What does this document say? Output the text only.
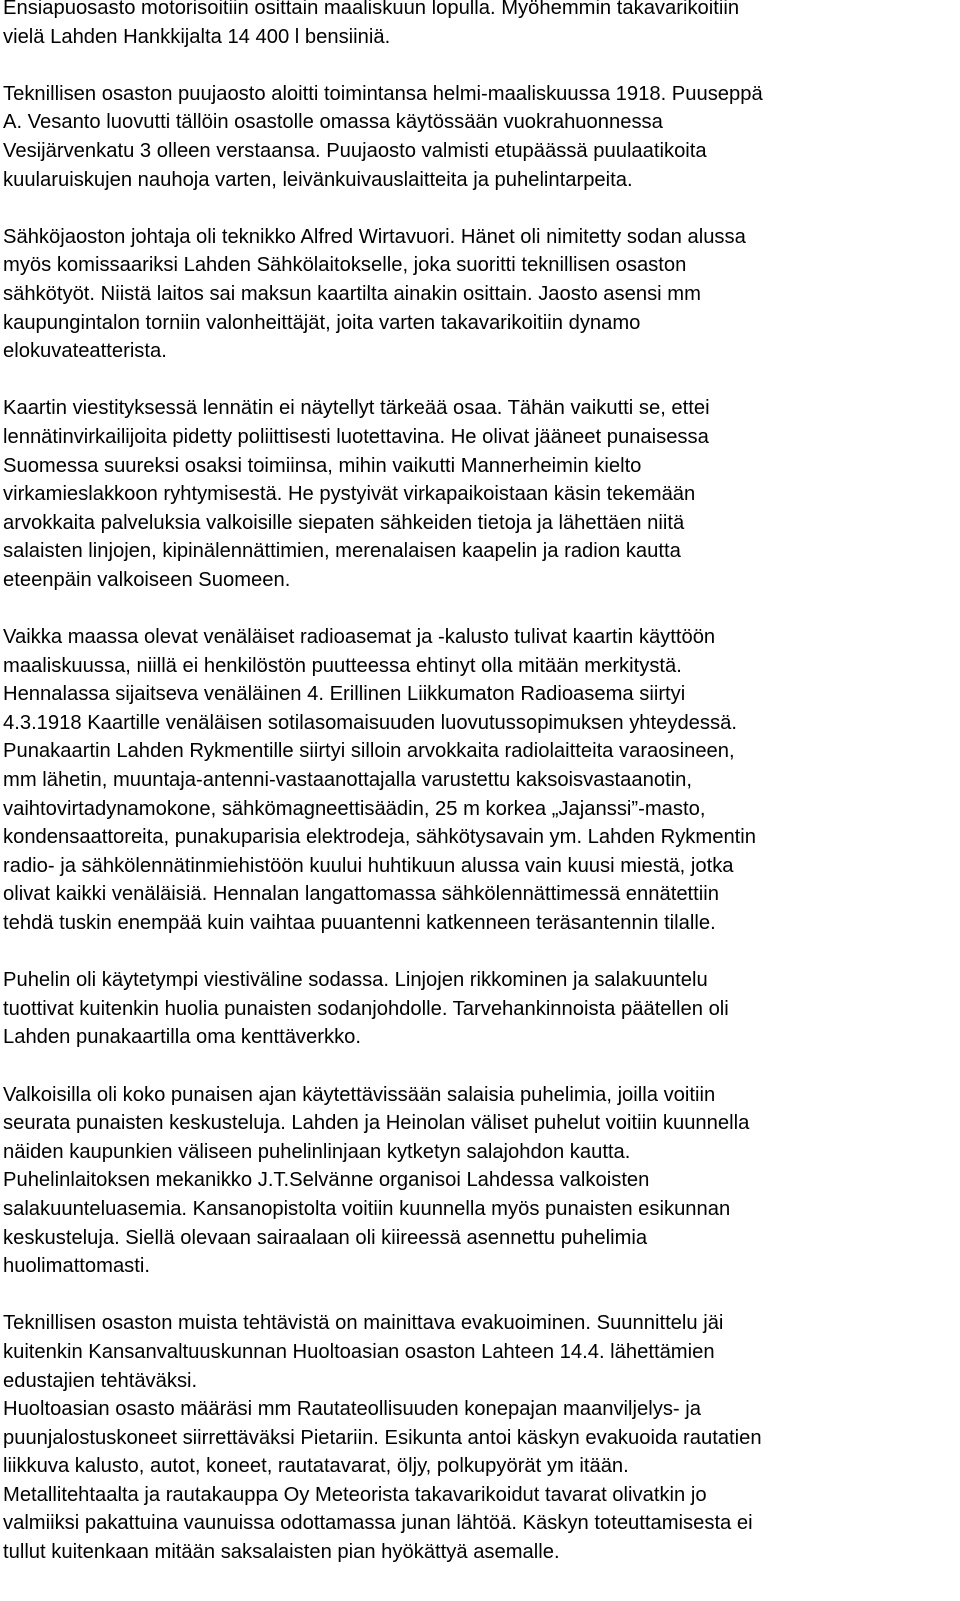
Ensiapuosasto motorisoitiin osittain maaliskuun lopulla. Myöhemmin takavarikoitiin
vielä Lahden Hankkijalta 14 400 l bensiiniä.
Teknillisen osaston puujaosto aloitti toimintansa helmi-maaliskuussa 1918. Puuseppä
A. Vesanto luovutti tällöin osastolle omassa käytössään vuokrahuonnessa
Vesijärvenkatu 3 olleen verstaansa. Puujaosto valmisti etupäässä puulaatikoita
kuularuiskujen nauhoja varten, leivänkuivauslaitteita ja puhelintarpeita.
Sähköjaoston johtaja oli teknikko Alfred Wirtavuori. Hänet oli nimitetty sodan alussa
myös komissaariksi Lahden Sähkölaitokselle, joka suoritti teknillisen osaston
sähkötyöt. Niistä laitos sai maksun kaartilta ainakin osittain. Jaosto asensi mm
kaupungintalon torniin valonheittäjät, joita varten takavarikoitiin dynamo
elokuvateatterista.
Kaartin viestityksessä lennätin ei näytellyt tärkeää osaa. Tähän vaikutti se, ettei
lennätinvirkailijoita pidetty poliittisesti luotettavina. He olivat jääneet punaisessa
Suomessa suureksi osaksi toimiinsa, mihin vaikutti Mannerheimin kielto
virkamieslakkoon ryhtymisestä. He pystyivät virkapaikoistaan käsin tekemään
arvokkaita palveluksia valkoisille siepaten sähkeiden tietoja ja lähettäen niitä
salaisten linjojen, kipinälennättimien, merenalaisen kaapelin ja radion kautta
eteenpäin valkoiseen Suomeen.
Vaikka maassa olevat venäläiset radioasemat ja -kalusto tulivat kaartin käyttöön
maaliskuussa, niillä ei henkilöstön puutteessa ehtinyt olla mitään merkitystä.
Hennalassa sijaitseva venäläinen 4. Erillinen Liikkumaton Radioasema siirtyi
4.3.1918 Kaartille venäläisen sotilasomaisuuden luovutussopimuksen yhteydessä.
Punakaartin Lahden Rykmentille siirtyi silloin arvokkaita radiolaitteita varaosineen,
mm lähetin, muuntaja-antenni-vastaanottajalla varustettu kaksoisvastaanotin,
vaihtovirtadynamokone, sähkömagneettisäädin, 25 m korkea „Jajanssi”-masto,
kondensaattoreita, punakuparisia elektrodeja, sähkötysavain ym. Lahden Rykmentin
radio- ja sähkölennätinmiehistöön kuului huhtikuun alussa vain kuusi miestä, jotka
olivat kaikki venäläisiä. Hennalan langattomassa sähkölennättimessä ennätettiin
tehdä tuskin enempää kuin vaihtaa puuantenni katkenneen teräsantennin tilalle.
Puhelin oli käytetympi viestiväline sodassa. Linjojen rikkominen ja salakuuntelu
tuottivat kuitenkin huolia punaisten sodanjohdolle. Tarvehankinnoista päätellen oli
Lahden punakaartilla oma kenttäverkko.
Valkoisilla oli koko punaisen ajan käytettävissään salaisia puhelimia, joilla voitiin
seurata punaisten keskusteluja. Lahden ja Heinolan väliset puhelut voitiin kuunnella
näiden kaupunkien väliseen puhelinlinjaan kytketyn salajohdon kautta.
Puhelinlaitoksen mekanikko J.T.Selvänne organisoi Lahdessa valkoisten
salakuunteluasemia. Kansanopistolta voitiin kuunnella myös punaisten esikunnan
keskusteluja. Siellä olevaan sairaalaan oli kiireessä asennettu puhelimia
huolimattomasti.
Teknillisen osaston muista tehtävistä on mainittava evakuoiminen. Suunnittelu jäi
kuitenkin Kansanvaltuuskunnan Huoltoasian osaston Lahteen 14.4. lähettämien
edustajien tehtäväksi.
Huoltoasian osasto määräsi mm Rautateollisuuden konepajan maanviljelys- ja
puunjalostuskoneet siirrettäväksi Pietariin. Esikunta antoi käskyn evakuoida rautatien
liikkuva kalusto, autot, koneet, rautatavarat, öljy, polkupyörät ym itään.
Metallitehtaalta ja rautakauppa Oy Meteorista takavarikoidut tavarat olivatkin jo
valmiiksi pakattuina vaunuissa odottamassa junan lähtöä. Käskyn toteuttamisesta ei
tullut kuitenkaan mitään saksalaisten pian hyökättyä asemalle.
